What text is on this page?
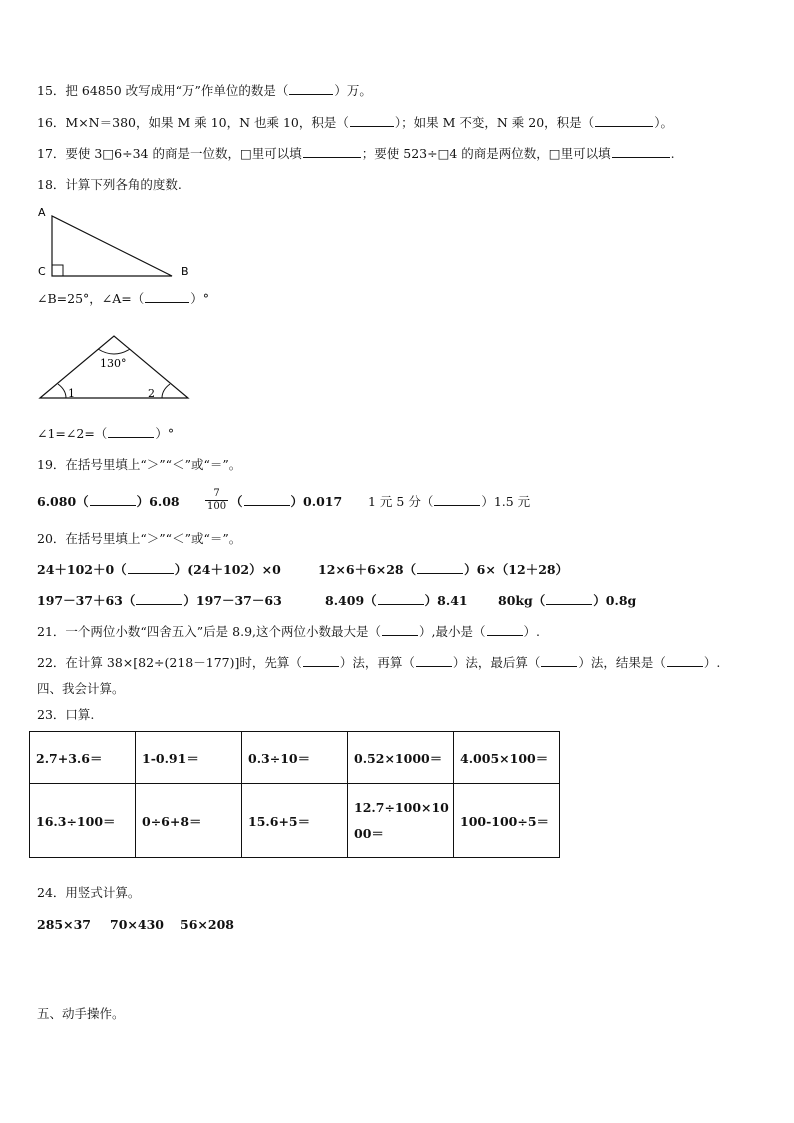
15．把 64850 改写成用“万”作单位的数是（	）万。
16．M×N＝380，如果 M 乘 10，N 也乘 10，积是（	）；如果 M 不变，N 乘 20，积是（	）。
17．要使 3□6÷34 的商是一位数，□里可以填	；要使 523÷□4 的商是两位数，□里可以填	.
18．计算下列各角的度数.
A
C	B
∠B=25°，∠A=（	）°
130°
1	2
∠1=∠2=（	）°
19．在括号里填上“＞”“＜”或“＝”。
6.080（	）6.08	$\frac{7}{100}$ （	）0.017 1 元 5 分（	）1.5 元
20．在括号里填上“＞”“＜”或“＝”。
24＋102＋0（	）(24＋102）×0	12×6＋6×28（	）6×（12＋28）
197－37＋63（	）197－37－63	8.409（	）8.41 80kg（	）0.8g
21．一个两位小数“四舍五入”后是 8.9,这个两位小数最大是（	）,最小是（	）.
22．在计算 38×[82÷(218－177)]时，先算（	）法，再算（	）法，最后算（	）法，结果是（	）.
四、我会计算。
23．口算.
2.7+3.6＝	1-0.91＝	0.3÷10＝	0.52×1000＝	4.005×100＝
16.3÷100＝	0÷6+8＝	15.6+5＝	12.7÷100×1000＝	100-100÷5＝
24．用竖式计算。
285×37 70×430 56×208
五、动手操作。
